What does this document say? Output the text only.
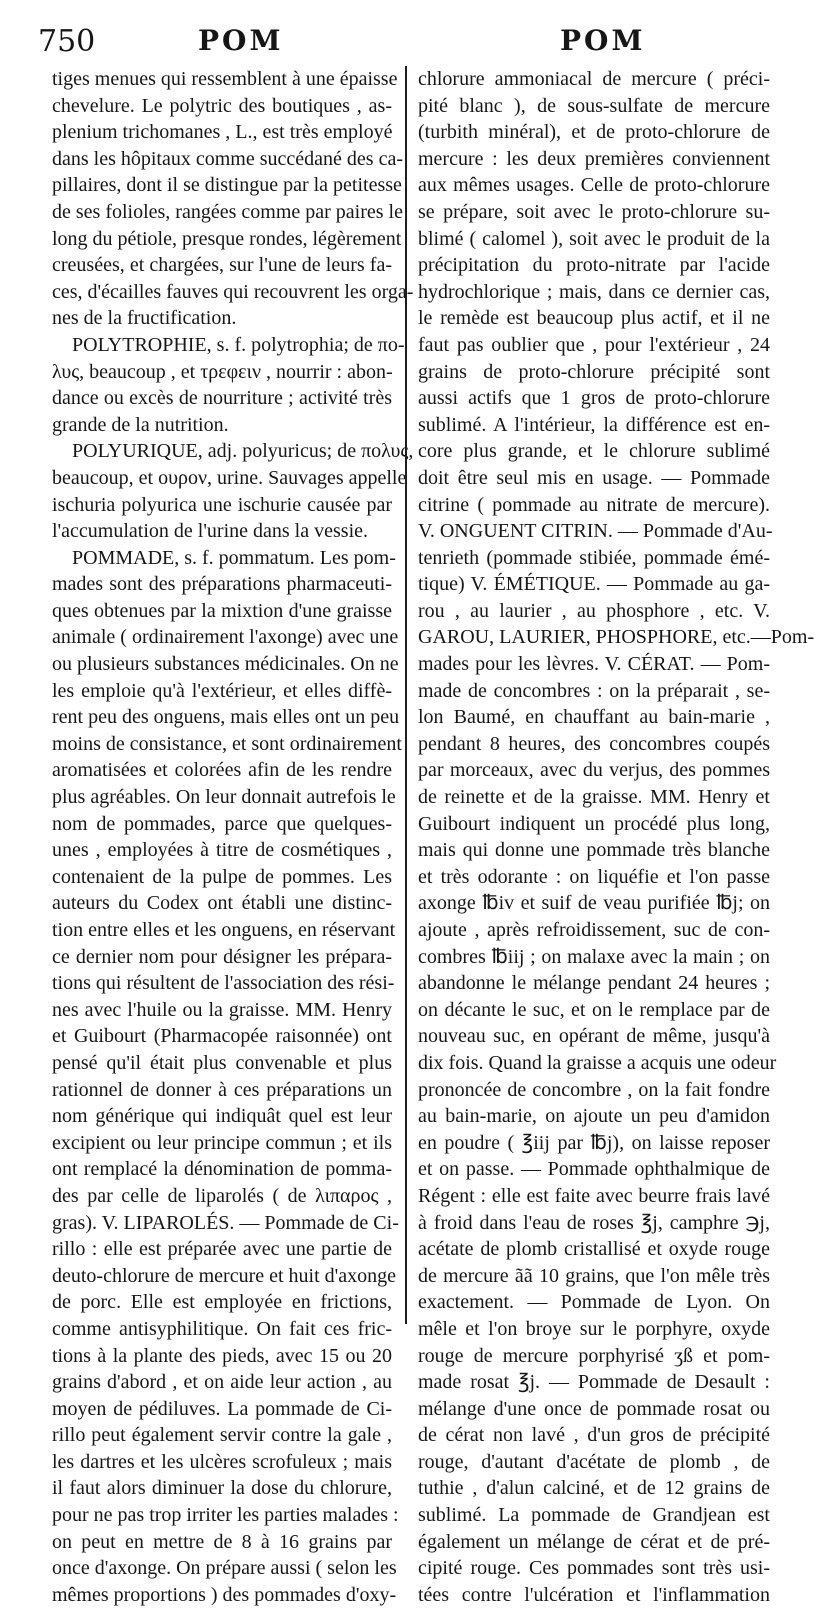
750	POM	POM
tiges menues qui ressemblent à une épaisse
chevelure. Le polytric des boutiques , as-
plenium trichomanes , L., est très employé
dans les hôpitaux comme succédané des ca-
pillaires, dont il se distingue par la petitesse
de ses folioles, rangées comme par paires le
long du pétiole, presque rondes, légèrement
creusées, et chargées, sur l'une de leurs fa-
ces, d'écailles fauves qui recouvrent les orga-
nes de la fructification.
POLYTROPHIE, s. f. polytrophia; de πο-
λυς, beaucoup , et τρεφειν , nourrir : abon-
dance ou excès de nourriture ; activité très
grande de la nutrition.
POLYURIQUE, adj. polyuricus; de πολυς,
beaucoup, et ουρον, urine. Sauvages appelle
ischuria polyurica une ischurie causée par
l'accumulation de l'urine dans la vessie.
POMMADE, s. f. pommatum. Les pom-
mades sont des préparations pharmaceuti-
ques obtenues par la mixtion d'une graisse
animale ( ordinairement l'axonge) avec une
ou plusieurs substances médicinales. On ne
les emploie qu'à l'extérieur, et elles diffè-
rent peu des onguens, mais elles ont un peu
moins de consistance, et sont ordinairement
aromatisées et colorées afin de les rendre
plus agréables. On leur donnait autrefois le
nom de pommades, parce que quelques-
unes , employées à titre de cosmétiques ,
contenaient de la pulpe de pommes. Les
auteurs du Codex ont établi une distinc-
tion entre elles et les onguens, en réservant
ce dernier nom pour désigner les prépara-
tions qui résultent de l'association des rési-
nes avec l'huile ou la graisse. MM. Henry
et Guibourt (Pharmacopée raisonnée) ont
pensé qu'il était plus convenable et plus
rationnel de donner à ces préparations un
nom générique qui indiquât quel est leur
excipient ou leur principe commun ; et ils
ont remplacé la dénomination de pomma-
des par celle de liparolés ( de λιπαρος ,
gras). V. LIPAROLÉS. — Pommade de Ci-
rillo : elle est préparée avec une partie de
deuto-chlorure de mercure et huit d'axonge
de porc. Elle est employée en frictions,
comme antisyphilitique. On fait ces fric-
tions à la plante des pieds, avec 15 ou 20
grains d'abord , et on aide leur action , au
moyen de pédiluves. La pommade de Ci-
rillo peut également servir contre la gale ,
les dartres et les ulcères scrofuleux ; mais
il faut alors diminuer la dose du chlorure,
pour ne pas trop irriter les parties malades :
on peut en mettre de 8 à 16 grains par
once d'axonge. On prépare aussi ( selon les
mêmes proportions ) des pommades d'oxy-
chlorure ammoniacal de mercure ( préci-
pité blanc ), de sous-sulfate de mercure
(turbith minéral), et de proto-chlorure de
mercure : les deux premières conviennent
aux mêmes usages. Celle de proto-chlorure
se prépare, soit avec le proto-chlorure su-
blimé ( calomel ), soit avec le produit de la
précipitation du proto-nitrate par l'acide
hydrochlorique ; mais, dans ce dernier cas,
le remède est beaucoup plus actif, et il ne
faut pas oublier que , pour l'extérieur , 24
grains de proto-chlorure précipité sont
aussi actifs que 1 gros de proto-chlorure
sublimé. A l'intérieur, la différence est en-
core plus grande, et le chlorure sublimé
doit être seul mis en usage. — Pommade
citrine ( pommade au nitrate de mercure).
V. ONGUENT CITRIN. — Pommade d'Au-
tenrieth (pommade stibiée, pommade émé-
tique) V. ÉMÉTIQUE. — Pommade au ga-
rou , au laurier , au phosphore , etc. V.
GAROU, LAURIER, PHOSPHORE, etc.—Pom-
mades pour les lèvres. V. CÉRAT. — Pom-
made de concombres : on la préparait , se-
lon Baumé, en chauffant au bain-marie ,
pendant 8 heures, des concombres coupés
par morceaux, avec du verjus, des pommes
de reinette et de la graisse. MM. Henry et
Guibourt indiquent un procédé plus long,
mais qui donne une pommade très blanche
et très odorante : on liquéfie et l'on passe
axonge ℔iv et suif de veau purifiée ℔j; on
ajoute , après refroidissement, suc de con-
combres ℔iij ; on malaxe avec la main ; on
abandonne le mélange pendant 24 heures ;
on décante le suc, et on le remplace par de
nouveau suc, en opérant de même, jusqu'à
dix fois. Quand la graisse a acquis une odeur
prononcée de concombre , on la fait fondre
au bain-marie, on ajoute un peu d'amidon
en poudre ( ℥iij par ℔j), on laisse reposer
et on passe. — Pommade ophthalmique de
Régent : elle est faite avec beurre frais lavé
à froid dans l'eau de roses ℥j, camphre ℈j,
acétate de plomb cristallisé et oxyde rouge
de mercure ãã 10 grains, que l'on mêle très
exactement. — Pommade de Lyon. On
mêle et l'on broye sur le porphyre, oxyde
rouge de mercure porphyrisé ʒß et pom-
made rosat ℥j. — Pommade de Desault :
mélange d'une once de pommade rosat ou
de cérat non lavé , d'un gros de précipité
rouge, d'autant d'acétate de plomb , de
tuthie , d'alun calciné, et de 12 grains de
sublimé. La pommade de Grandjean est
également un mélange de cérat et de pré-
cipité rouge. Ces pommades sont très usi-
tées contre l'ulcération et l'inflammation
